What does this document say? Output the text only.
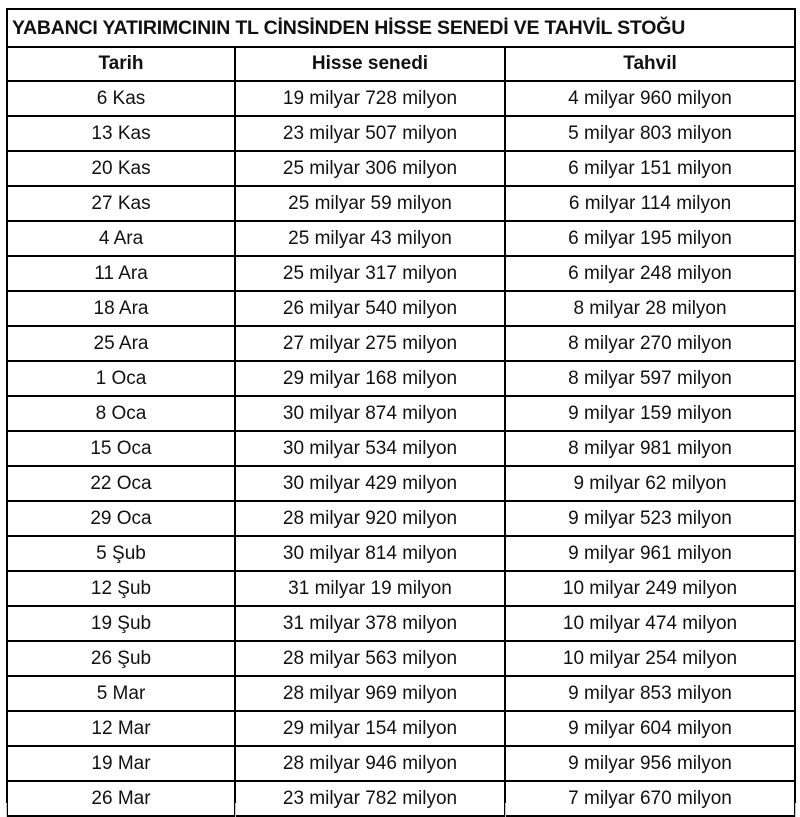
YABANCI YATIRIMCININ TL CİNSİNDEN HİSSE SENEDİ VE TAHVİL STOĞU		
Tarih	Hisse senedi	Tahvil
6 Kas	19 milyar 728 milyon	4 milyar 960 milyon
13 Kas	23 milyar 507 milyon	5 milyar 803 milyon
20 Kas	25 milyar 306 milyon	6 milyar 151 milyon
27 Kas	25 milyar 59 milyon	6 milyar 114 milyon
4 Ara	25 milyar 43 milyon	6 milyar 195 milyon
11 Ara	25 milyar 317 milyon	6 milyar 248 milyon
18 Ara	26 milyar 540 milyon	8 milyar 28 milyon
25 Ara	27 milyar 275 milyon	8 milyar 270 milyon
1 Oca	29 milyar 168 milyon	8 milyar 597 milyon
8 Oca	30 milyar 874 milyon	9 milyar 159 milyon
15 Oca	30 milyar 534 milyon	8 milyar 981 milyon
22 Oca	30 milyar 429 milyon	9 milyar 62 milyon
29 Oca	28 milyar 920 milyon	9 milyar 523 milyon
5 Şub	30 milyar 814 milyon	9 milyar 961 milyon
12 Şub	31 milyar 19 milyon	10 milyar 249 milyon
19 Şub	31 milyar 378 milyon	10 milyar 474 milyon
26 Şub	28 milyar 563 milyon	10 milyar 254 milyon
5 Mar	28 milyar 969 milyon	9 milyar 853 milyon
12 Mar	29 milyar 154 milyon	9 milyar 604 milyon
19 Mar	28 milyar 946 milyon	9 milyar 956 milyon
26 Mar	23 milyar 782 milyon	7 milyar 670 milyon
